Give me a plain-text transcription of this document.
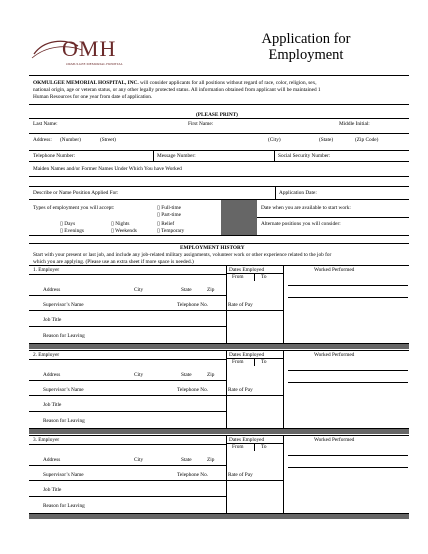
OMH
OKMULGEE MEMORIAL HOSPITAL
Application for
Employment
OKMULGEE MEMORIAL HOSPITAL, INC. will consider applicants for all positions without regard of race, color, religion, sex,
national origin, age or veteran status, or any other legally protected status. All information obtained from applicant will be maintained 1
Human Resources for one year from date of application.
(PLEASE PRINT)
Last Name:	First Name:	Middle Initial:
Address: (Number)	(Street)	(City)	(State)	(Zip Code)
Telephone Number:	Message Number:	Social Security Number:
Maiden Names and/or Former Names Under Which You have Worked
Describe or Name Position Applied For:	Application Date:
Types of employment you will accept:	▯ Full-time
▯ Part-time
▯ Days	▯ Nights	▯ Relief
▯ Evenings	▯ Weekends	▯ Temporary
Date when you are available to start work:
Alternate positions you will consider:
EMPLOYMENT HISTORY
Start with your present or last job, and include any job-related military assignments, volunteer work or other experience related to the job for
which you are applying. (Please use an extra sheet if more space is needed.)
1. Employer	Dates Employed
From	To
Worked Performed
Address	City	State	Zip
Supervisor’s Name	Telephone No.	Rate of Pay
Job Title
Reason for Leaving
2. Employer	Dates Employed
From	To
Worked Performed
Address	City	State	Zip
Supervisor’s Name	Telephone No.	Rate of Pay
Job Title
Reason for Leaving
3. Employer	Dates Employed
From	To
Worked Performed
Address	City	State	Zip
Supervisor’s Name	Telephone No.	Rate of Pay
Job Title
Reason for Leaving
